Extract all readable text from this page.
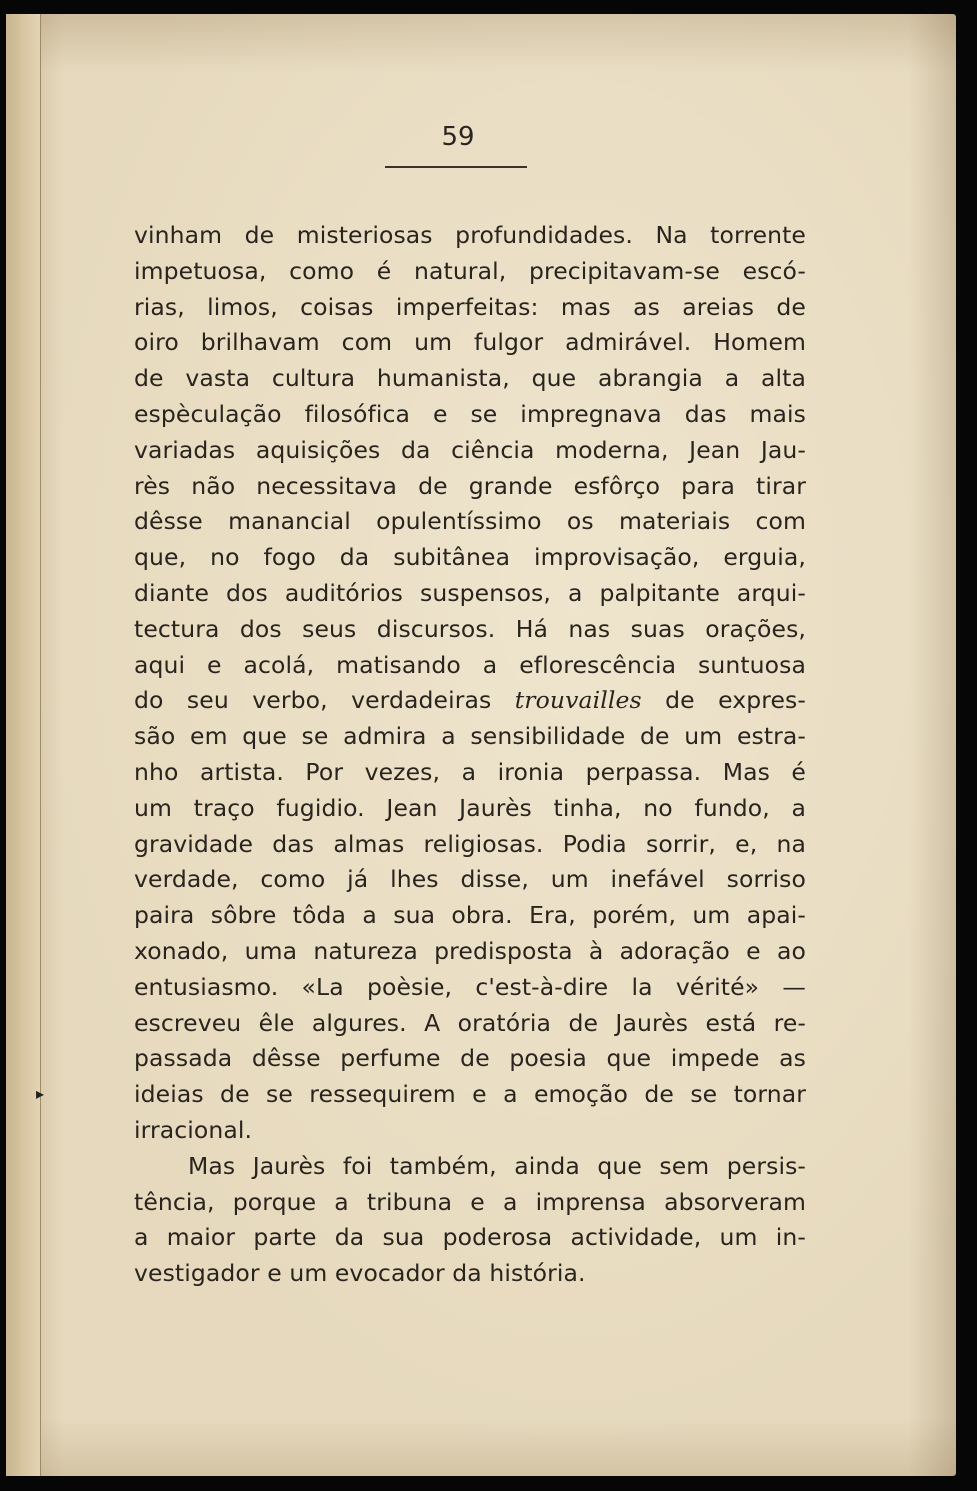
59
▸
vinham de misteriosas profundidades. Na torrente
impetuosa, como é natural, precipitavam-se escó-
rias, limos, coisas imperfeitas: mas as areias de
oiro brilhavam com um fulgor admirável. Homem
de vasta cultura humanista, que abrangia a alta
espèculação filosófica e se impregnava das mais
variadas aquisições da ciência moderna, Jean Jau-
rès não necessitava de grande esfôrço para tirar
dêsse manancial opulentíssimo os materiais com
que, no fogo da subitânea improvisação, erguia,
diante dos auditórios suspensos, a palpitante arqui-
tectura dos seus discursos. Há nas suas orações,
aqui e acolá, matisando a eflorescência suntuosa
do seu verbo, verdadeiras trouvailles de expres-
são em que se admira a sensibilidade de um estra-
nho artista. Por vezes, a ironia perpassa. Mas é
um traço fugidio. Jean Jaurès tinha, no fundo, a
gravidade das almas religiosas. Podia sorrir, e, na
verdade, como já lhes disse, um inefável sorriso
paira sôbre tôda a sua obra. Era, porém, um apai-
xonado, uma natureza predisposta à adoração e ao
entusiasmo. «La poèsie, c'est-à-dire la vérité» —
escreveu êle algures. A oratória de Jaurès está re-
passada dêsse perfume de poesia que impede as
ideias de se ressequirem e a emoção de se tornar
irracional.
Mas Jaurès foi também, ainda que sem persis-
tência, porque a tribuna e a imprensa absorveram
a maior parte da sua poderosa actividade, um in-
vestigador e um evocador da história.
